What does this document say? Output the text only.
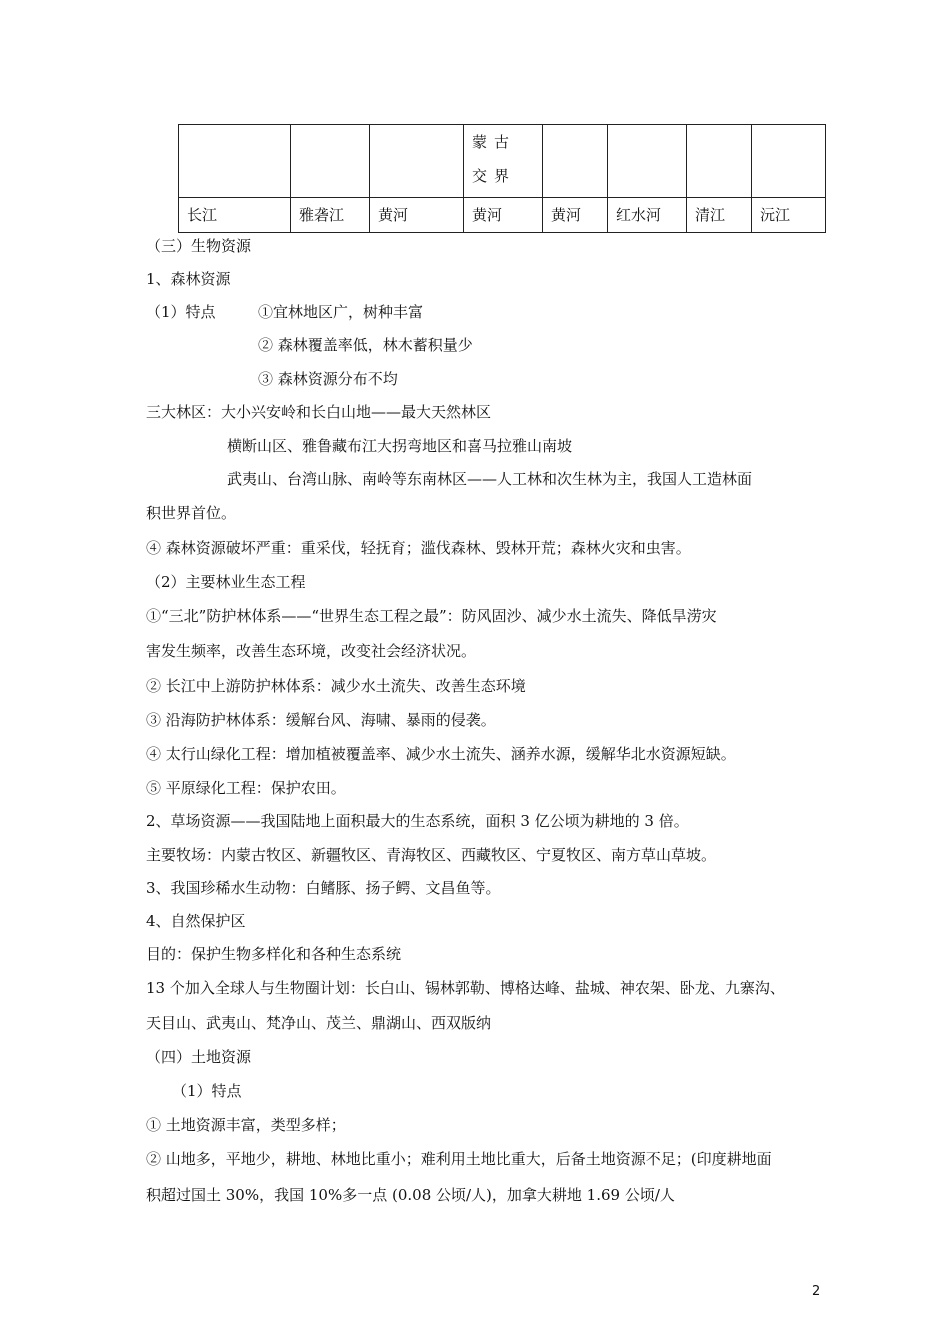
			蒙古交界				
长江	雅砻江	黄河	黄河	黄河	红水河	清江	沅江
（三）生物资源
1、森林资源
（1）特点	①宜林地区广，树种丰富
② 森林覆盖率低，林木蓄积量少
③ 森林资源分布不均
三大林区：大小兴安岭和长白山地——最大天然林区
横断山区、雅鲁藏布江大拐弯地区和喜马拉雅山南坡
武夷山、台湾山脉、南岭等东南林区——人工林和次生林为主，我国人工造林面
积世界首位。
④ 森林资源破坏严重：重采伐，轻抚育；滥伐森林、毁林开荒；森林火灾和虫害。
（2）主要林业生态工程
①“三北”防护林体系——“世界生态工程之最”：防风固沙、减少水土流失、降低旱涝灾
害发生频率，改善生态环境，改变社会经济状况。
② 长江中上游防护林体系：减少水土流失、改善生态环境
③ 沿海防护林体系：缓解台风、海啸、暴雨的侵袭。
④ 太行山绿化工程：增加植被覆盖率、减少水土流失、涵养水源，缓解华北水资源短缺。
⑤ 平原绿化工程：保护农田。
2、草场资源——我国陆地上面积最大的生态系统，面积 3 亿公顷为耕地的 3 倍。
主要牧场：内蒙古牧区、新疆牧区、青海牧区、西藏牧区、宁夏牧区、南方草山草坡。
3、我国珍稀水生动物：白鳍豚、扬子鳄、文昌鱼等。
4、自然保护区
目的：保护生物多样化和各种生态系统
13 个加入全球人与生物圈计划：长白山、锡林郭勒、博格达峰、盐城、神农架、卧龙、九寨沟、
天目山、武夷山、梵净山、茂兰、鼎湖山、西双版纳
（四）土地资源
（1）特点
① 土地资源丰富，类型多样；
② 山地多，平地少，耕地、林地比重小；难利用土地比重大，后备土地资源不足；(印度耕地面
积超过国土 30%，我国 10%多一点 (0.08 公顷/人)，加拿大耕地 1.69 公顷/人
2
